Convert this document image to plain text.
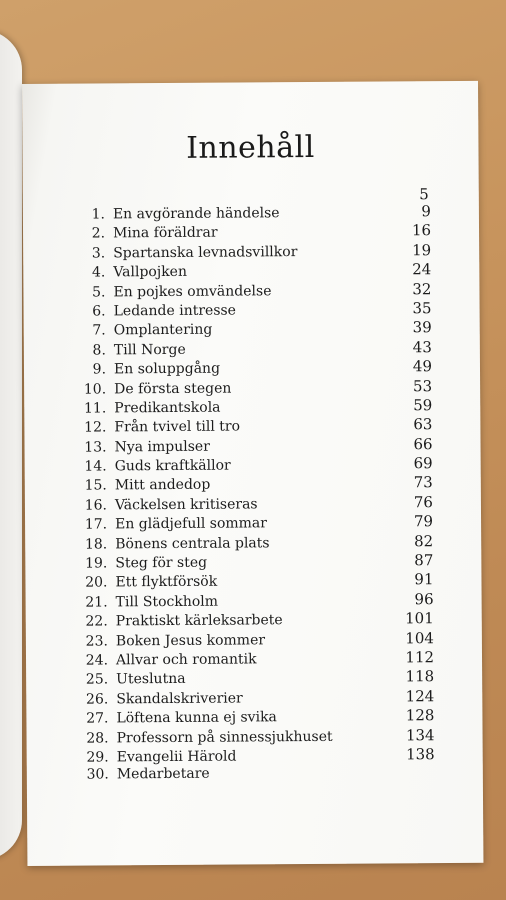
Innehåll
5
1. En avgörande händelse	9
2. Mina föräldrar	16
3. Spartanska levnadsvillkor	19
4. Vallpojken	24
5. En pojkes omvändelse	32
6. Ledande intresse	35
7. Omplantering	39
8. Till Norge	43
9. En soluppgång	49
10. De första stegen	53
11. Predikantskola	59
12. Från tvivel till tro	63
13. Nya impulser	66
14. Guds kraftkällor	69
15. Mitt andedop	73
16. Väckelsen kritiseras	76
17. En glädjefull sommar	79
18. Bönens centrala plats	82
19. Steg för steg	87
20. Ett flyktförsök	91
21. Till Stockholm	96
22. Praktiskt kärleksarbete	101
23. Boken Jesus kommer	104
24. Allvar och romantik	112
25. Uteslutna	118
26. Skandalskriverier	124
27. Löftena kunna ej svika	128
28. Professorn på sinnessjukhuset	134
29. Evangelii Härold	138
30. Medarbetare
